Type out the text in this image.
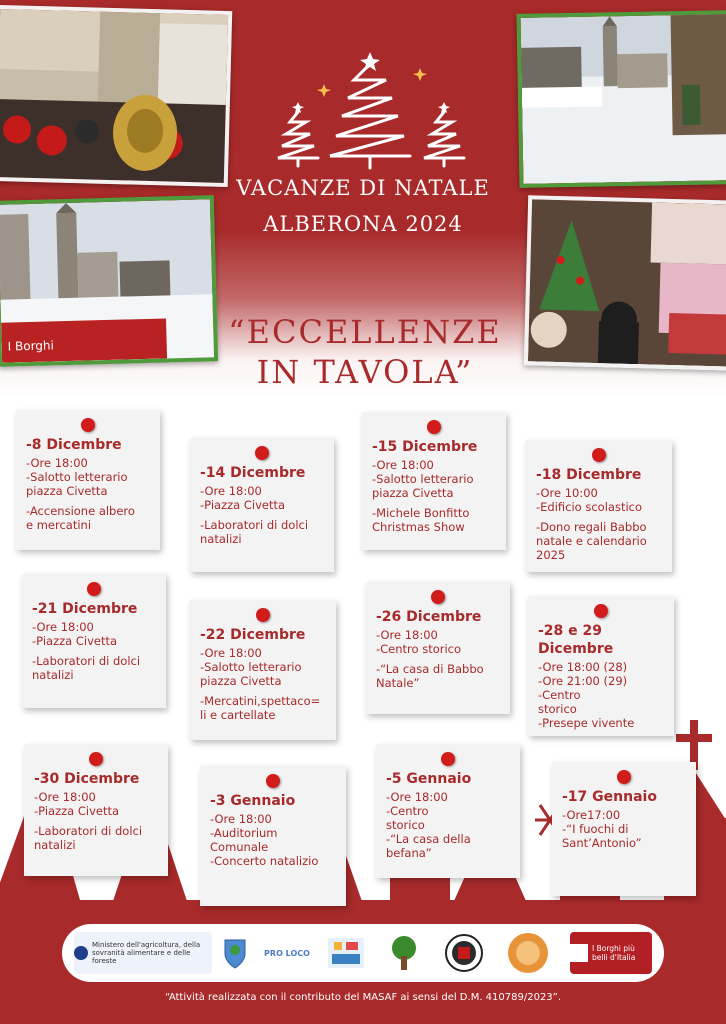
I Borghi
VACANZE DI NATALE
ALBERONA 2024
“ECCELLENZE
IN TAVOLA”
-8 Dicembre
-Ore 18:00
-Salotto letterario
piazza Civetta
-Accensione albero
e mercatini
-14 Dicembre
-Ore 18:00
-Piazza Civetta
-Laboratori di dolci
natalizi
-15 Dicembre
-Ore 18:00
-Salotto letterario
piazza Civetta
-Michele Bonfitto
Christmas Show
-18 Dicembre
-Ore 10:00
-Edificio scolastico
-Dono regali Babbo
natale e calendario
2025
-21 Dicembre
-Ore 18:00
-Piazza Civetta
-Laboratori di dolci
natalizi
-22 Dicembre
-Ore 18:00
-Salotto letterario
piazza Civetta
-Mercatini,spettaco=
li e cartellate
-26 Dicembre
-Ore 18:00
-Centro storico
-“La casa di Babbo
Natale”
-28 e 29 Dicembre
-Ore 18:00 (28)
-Ore 21:00 (29)
-Centro
storico
-Presepe vivente
-30 Dicembre
-Ore 18:00
-Piazza Civetta
-Laboratori di dolci
natalizi
-3 Gennaio
-Ore 18:00
-Auditorium
Comunale
-Concerto natalizio
-5 Gennaio
-Ore 18:00
-Centro
storico
-“La casa della
befana”
-17 Gennaio
-Ore17:00
-“I fuochi di
Sant’Antonio”
Ministero dell'agricoltura, della sovranità alimentare e delle foreste
PRO LOCO	I Borghi più belli d'Italia
“Attività realizzata con il contributo del MASAF ai sensi del D.M. 410789/2023”.
